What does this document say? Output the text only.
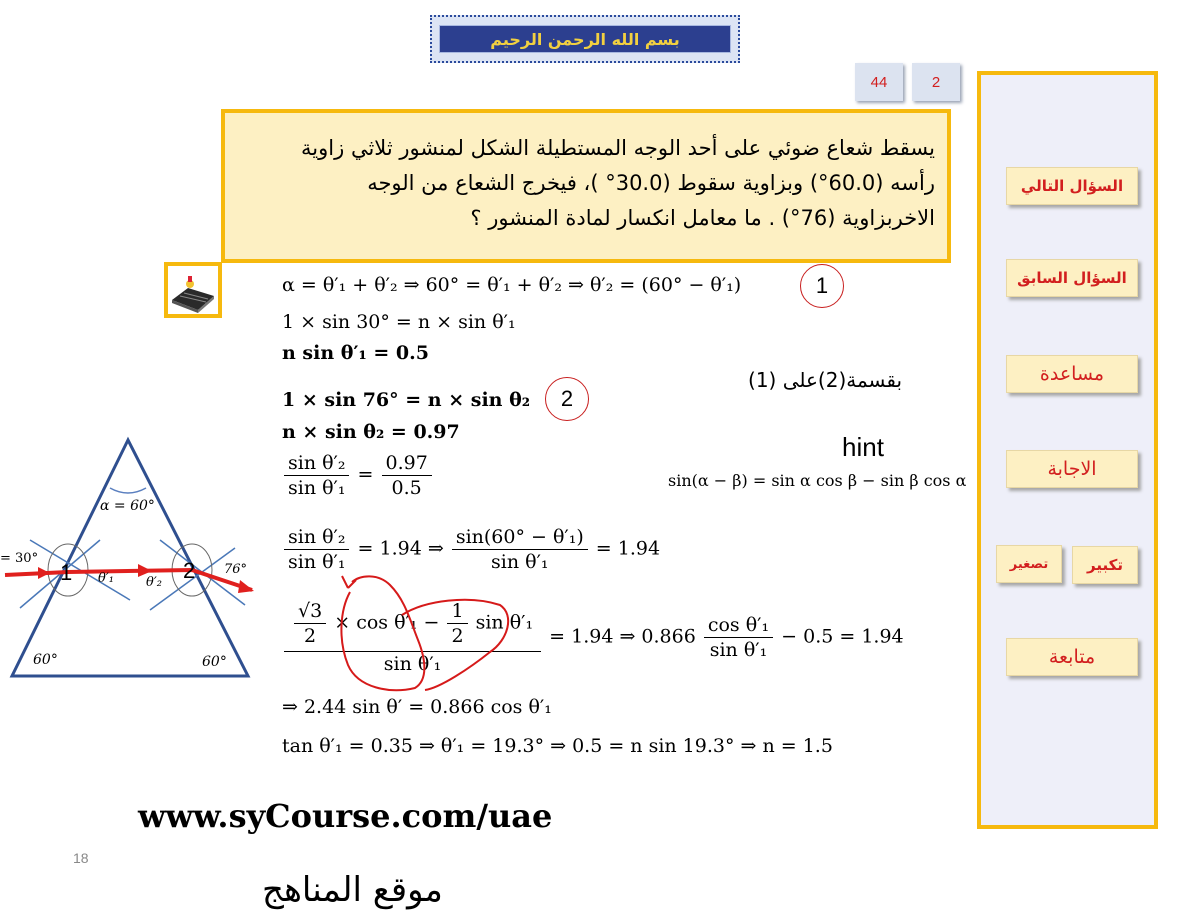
بسم الله الرحمن الرحيم
44	2
يسقط شعاع ضوئي على أحد الوجه المستطيلة الشكل لمنشور ثلاثي زاوية
رأسه (60.0°) وبزاوية سقوط (30.0° )، فيخرج الشعاع من الوجه
الاخربزاوية (76°) . ما معامل انكسار لمادة المنشور ؟
السؤال التالي
السؤال السابق
مساعدة
الاجابة
تصغير	تكبير
متابعة
α = θ′₁ + θ′₂ ⇒ 60° = θ′₁ + θ′₂ ⇒ θ′₂ = (60° − θ′₁)	1
1 × sin 30° = n × sin θ′₁
n sin θ′₁ = 0.5
1 × sin 76° = n × sin θ₂	2
n × sin θ₂ = 0.97
بقسمة(2)على (1)
hint
sin(α − β) = sin α cos β − sin β cos α
$\frac{\text{sin θ′₂}}{\text{sin θ′₁}} = \frac{0.97}{0.5}$
$\frac{\text{sin θ′₂}}{\text{sin θ′₁}} = 1.94$ ⇒ $\frac{\text{sin(60° − θ′₁)}}{\text{sin θ′₁}} = 1.94$
$\frac{√3}{2} \times \cos \theta'_1 - \frac{1}{2}$ sin θ′₁
sin θ′₁
= 1.94 ⇒ $0.866 \frac{\text{cos θ′₁}}{\text{sin θ′₁}} - 0.5 = 1.94$
⇒ 2.44 sin θ′ = 0.866 cos θ′₁
tan θ′₁ = 0.35 ⇒ θ′₁ = 19.3° ⇒ 0.5 = n sin 19.3° ⇒ n = 1.5
α = 60°
60°	60°
= 30°
76°
1	2
θ′₁ θ′₂
www.syCourse.com/uae
18
موقع المناهج
